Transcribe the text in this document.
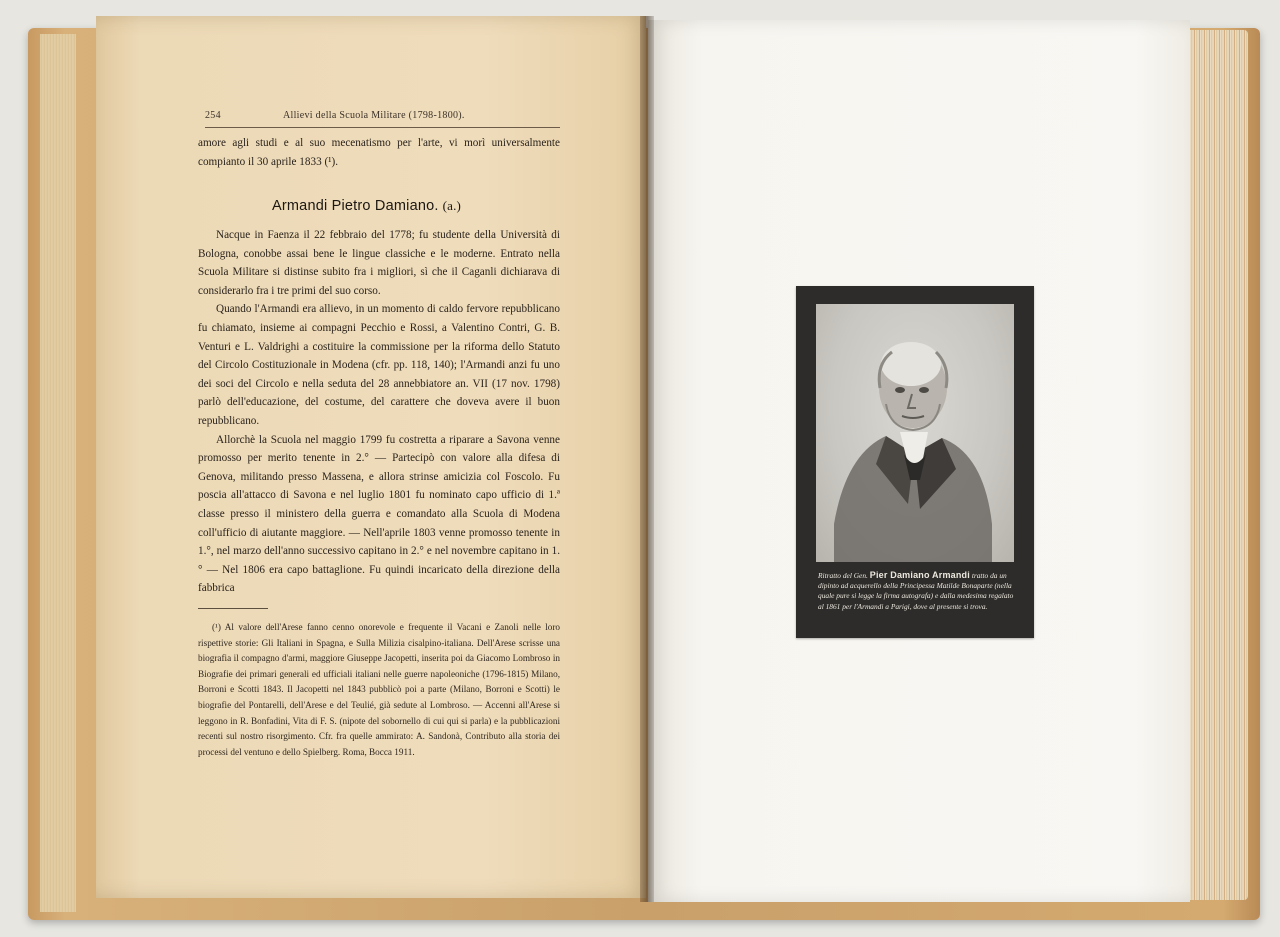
254	Allievi della Scuola Militare (1798-1800).

amore agli studi e al suo mecenatismo per l'arte, vi morì universalmente compianto il 30 aprile 1833 (¹).

Armandi Pietro Damiano. (a.)

Nacque in Faenza il 22 febbraio del 1778; fu studente della Università di Bologna, conobbe assai bene le lingue classiche e le moderne. Entrato nella Scuola Militare si distinse subito fra i migliori, sì che il Caganli dichiarava di considerarlo fra i tre primi del suo corso.

Quando l'Armandi era allievo, in un momento di caldo fervore repubblicano fu chiamato, insieme ai compagni Pecchio e Rossi, a Valentino Contri, G. B. Venturi e L. Valdrighi a costituire la commissione per la riforma dello Statuto del Circolo Costituzionale in Modena (cfr. pp. 118, 140); l'Armandi anzi fu uno dei soci del Circolo e nella seduta del 28 annebbiatore an. VII (17 nov. 1798) parlò dell'educazione, del costume, del carattere che doveva avere il buon repubblicano.

Allorchè la Scuola nel maggio 1799 fu costretta a riparare a Savona venne promosso per merito tenente in 2.° — Partecipò con valore alla difesa di Genova, militando presso Massena, e allora strinse amicizia col Foscolo. Fu poscia all'attacco di Savona e nel luglio 1801 fu nominato capo ufficio di 1.ª classe presso il ministero della guerra e comandato alla Scuola di Modena coll'ufficio di aiutante maggiore. — Nell'aprile 1803 venne promosso tenente in 1.°, nel marzo dell'anno successivo capitano in 2.° e nel novembre capitano in 1.° — Nel 1806 era capo battaglione. Fu quindi incaricato della direzione della fabbrica

(¹) Al valore dell'Arese fanno cenno onorevole e frequente il Vacani e Zanoli nelle loro rispettive storie: Gli Italiani in Spagna, e Sulla Milizia cisalpino-italiana. Dell'Arese scrisse una biografia il compagno d'armi, maggiore Giuseppe Jacopetti, inserita poi da Giacomo Lombroso in Biografie dei primari generali ed ufficiali italiani nelle guerre napoleoniche (1796-1815) Milano, Borroni e Scotti 1843. Il Jacopetti nel 1843 pubblicò poi a parte (Milano, Borroni e Scotti) le biografie del Pontarelli, dell'Arese e del Teulié, già sedute al Lombroso. — Accenni all'Arese si leggono in R. Bonfadini, Vita di F. S. (nipote del sobornello di cui qui si parla) e la pubblicazioni recenti sul nostro risorgimento. Cfr. fra quelle ammirato: A. Sandonà, Contributo alla storia dei processi del ventuno e dello Spielberg. Roma, Bocca 1911.

Ritratto del Gen. Pier Damiano Armandi tratto da un dipinto ad acquerello della Principessa Matilde Bonaparte (nella quale pure si legge la firma autografa) e dalla medesima regalato al 1861 per l'Armandi a Parigi, dove al presente si trova.
